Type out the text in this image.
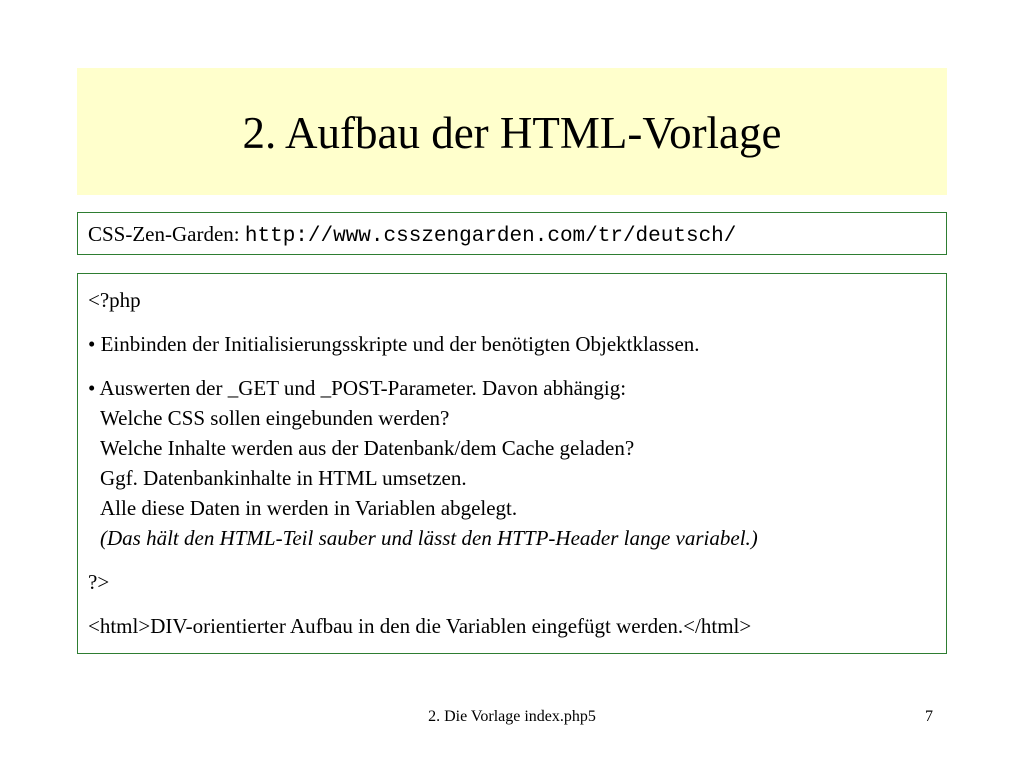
2. Aufbau der HTML-Vorlage
CSS-Zen-Garden: http://www.csszengarden.com/tr/deutsch/

<?php

• Einbinden der Initialisierungsskripte und der benötigten Objektklassen.

• Auswerten der _GET und _POST-Parameter. Davon abhängig:

Welche CSS sollen eingebunden werden?

Welche Inhalte werden aus der Datenbank/dem Cache geladen?

Ggf. Datenbankinhalte in HTML umsetzen.

Alle diese Daten in werden in Variablen abgelegt.

(Das hält den HTML-Teil sauber und lässt den HTTP-Header lange variabel.)

?>

<html>DIV-orientierter Aufbau in den die Variablen eingefügt werden.</html>

2. Die Vorlage index.php5	7
